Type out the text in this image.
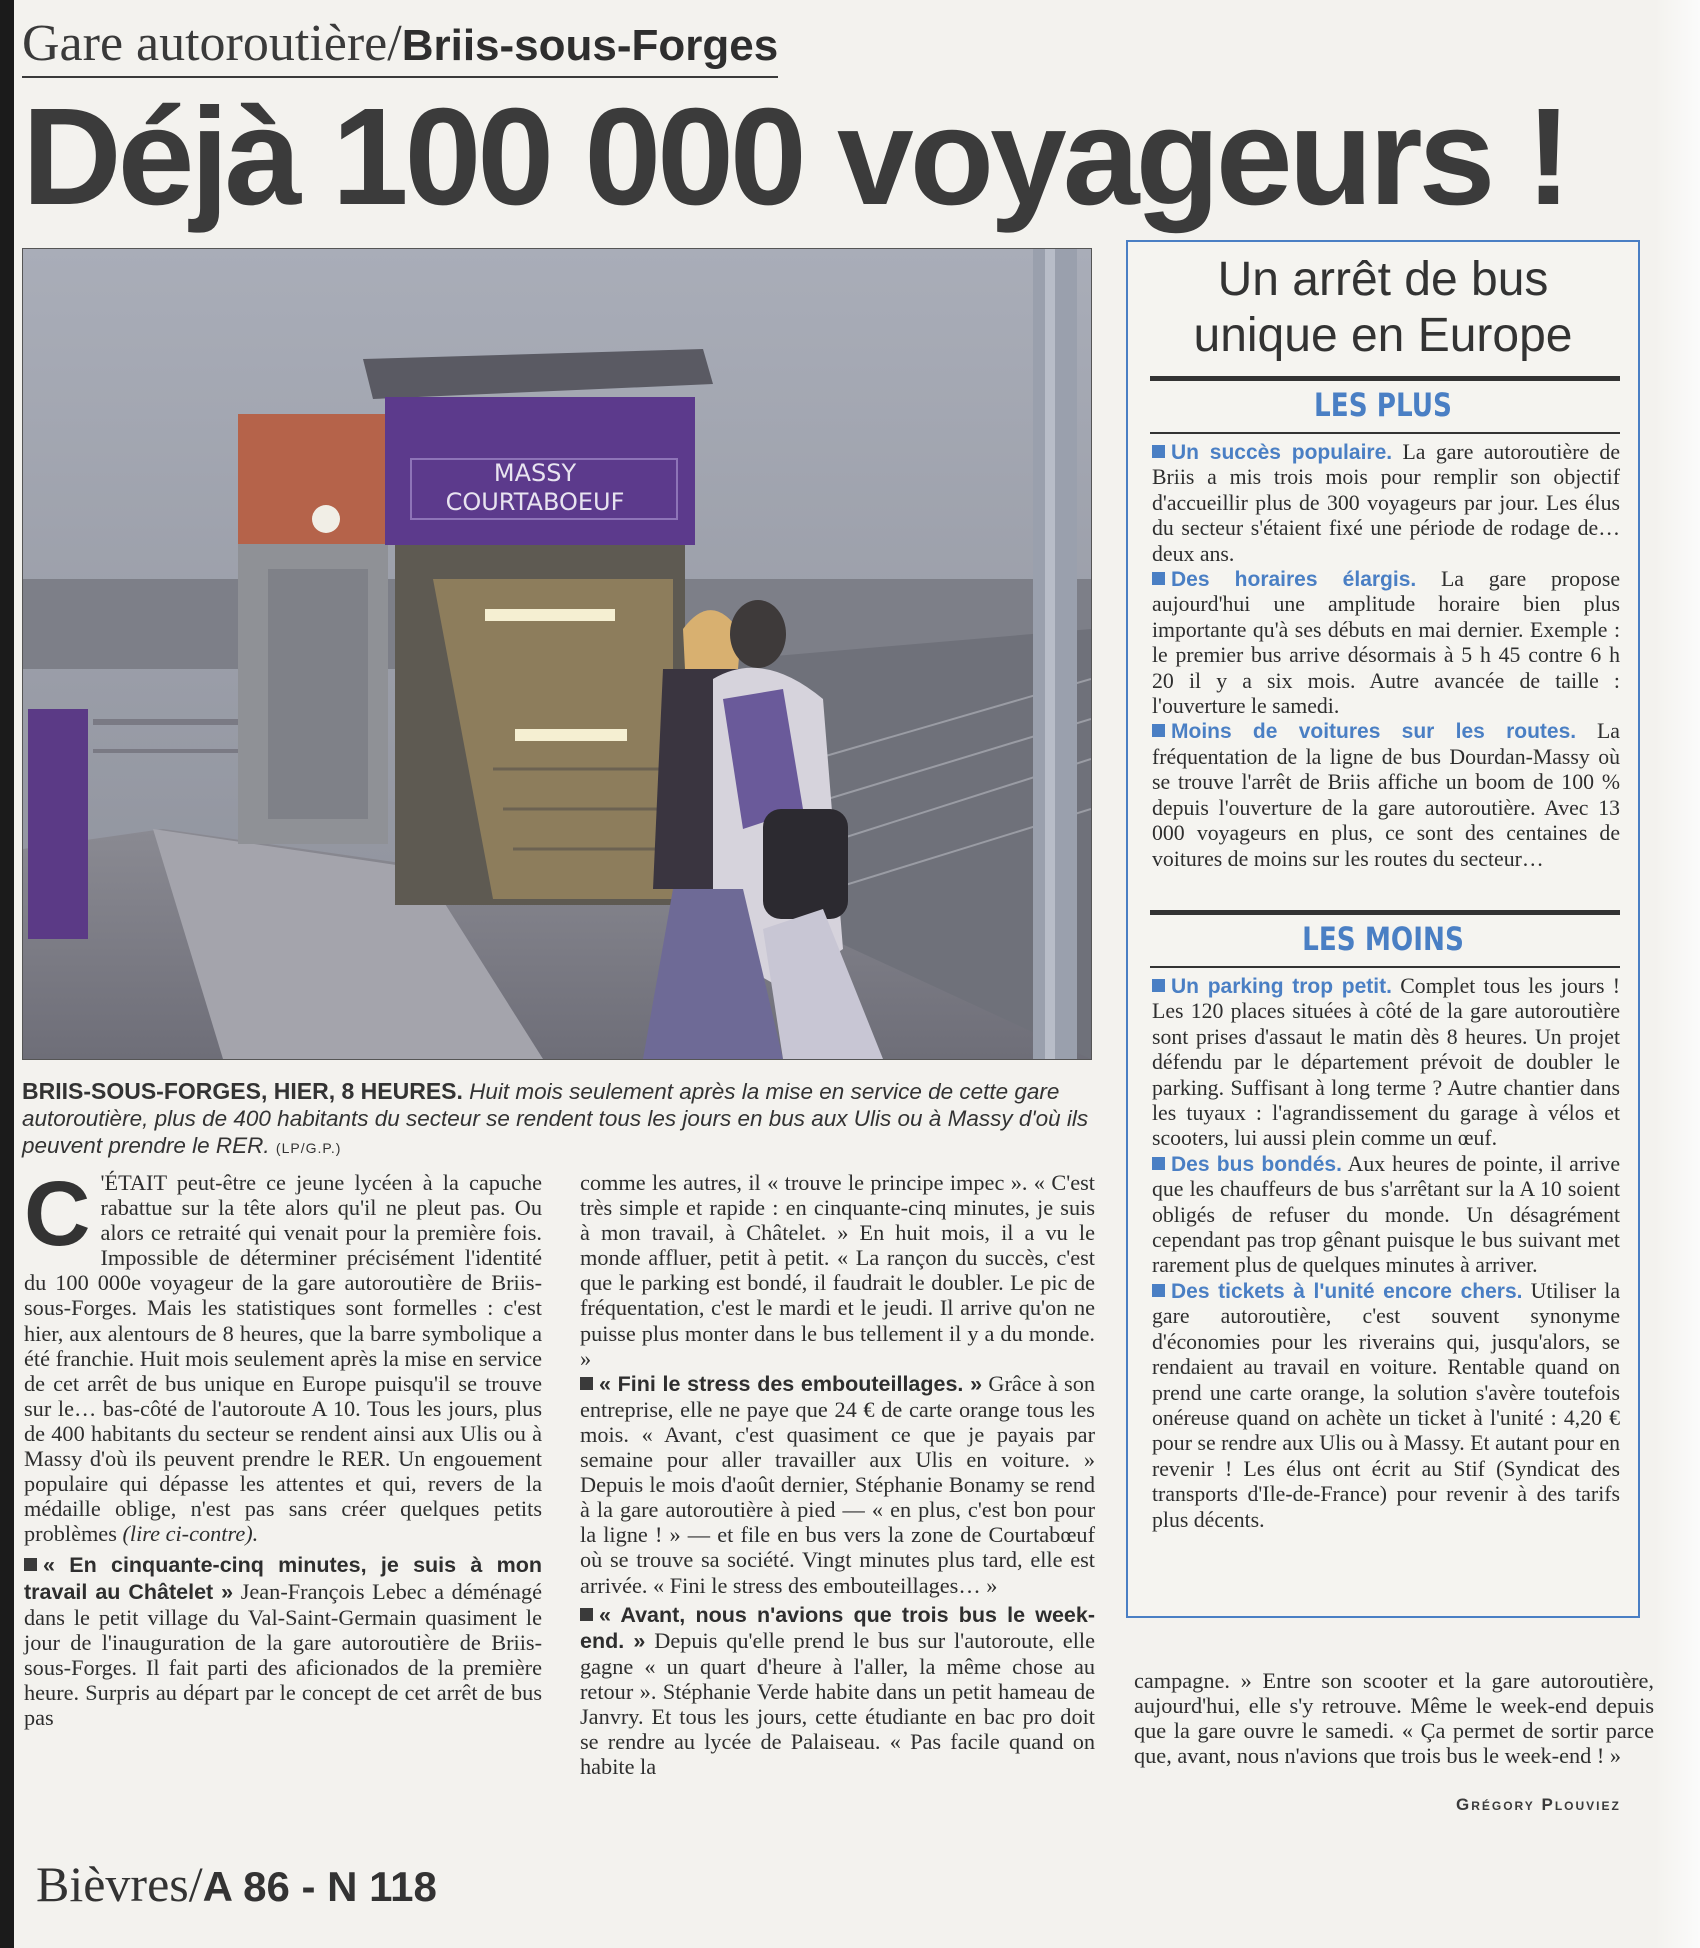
Gare autoroutière/Briis-sous-Forges
Déjà 100 000 voyageurs !
MASSY
COURTABOEUF
BRIIS-SOUS-FORGES, HIER, 8 HEURES. Huit mois seulement après la mise en service de cette gare autoroutière, plus de 400 habitants du secteur se rendent tous les jours en bus aux Ulis ou à Massy d'où ils peuvent prendre le RER. (LP/G.P.)

C 'ÉTAIT peut-être ce jeune lycéen à la capuche rabattue sur la tête alors qu'il ne pleut pas. Ou alors ce retraité qui venait pour la première fois. Impossible de déterminer précisément l'identité du 100 000e voyageur de la gare autoroutière de Briis-sous-Forges. Mais les statistiques sont formelles : c'est hier, aux alentours de 8 heures, que la barre symbolique a été franchie. Huit mois seulement après la mise en service de cet arrêt de bus unique en Europe puisqu'il se trouve sur le… bas-côté de l'autoroute A 10. Tous les jours, plus de 400 habitants du secteur se rendent ainsi aux Ulis ou à Massy d'où ils peuvent prendre le RER. Un engouement populaire qui dépasse les attentes et qui, revers de la médaille oblige, n'est pas sans créer quelques petits problèmes (lire ci-contre).

« En cinquante-cinq minutes, je suis à mon travail au Châtelet » Jean-François Lebec a déménagé dans le petit village du Val-Saint-Germain quasiment le jour de l'inauguration de la gare autoroutière de Briis-sous-Forges. Il fait parti des aficionados de la première heure. Surpris au départ par le concept de cet arrêt de bus pas

comme les autres, il « trouve le principe impec ». « C'est très simple et rapide : en cinquante-cinq minutes, je suis à mon travail, à Châtelet. » En huit mois, il a vu le monde affluer, petit à petit. « La rançon du succès, c'est que le parking est bondé, il faudrait le doubler. Le pic de fréquentation, c'est le mardi et le jeudi. Il arrive qu'on ne puisse plus monter dans le bus tellement il y a du monde. »

« Fini le stress des embouteillages. » Grâce à son entreprise, elle ne paye que 24 € de carte orange tous les mois. « Avant, c'est quasiment ce que je payais par semaine pour aller travailler aux Ulis en voiture. » Depuis le mois d'août dernier, Stéphanie Bonamy se rend à la gare autoroutière à pied — « en plus, c'est bon pour la ligne ! » — et file en bus vers la zone de Courtabœuf où se trouve sa société. Vingt minutes plus tard, elle est arrivée. « Fini le stress des embouteillages… »

« Avant, nous n'avions que trois bus le week-end. » Depuis qu'elle prend le bus sur l'autoroute, elle gagne « un quart d'heure à l'aller, la même chose au retour ». Stéphanie Verde habite dans un petit hameau de Janvry. Et tous les jours, cette étudiante en bac pro doit se rendre au lycée de Palaiseau. « Pas facile quand on habite la

campagne. » Entre son scooter et la gare autoroutière, aujourd'hui, elle s'y retrouve. Même le week-end depuis que la gare ouvre le samedi. « Ça permet de sortir parce que, avant, nous n'avions que trois bus le week-end ! »

Grégory Plouviez
Un arrêt de bus
unique en Europe
LES PLUS

Un succès populaire. La gare autoroutière de Briis a mis trois mois pour remplir son objectif d'accueillir plus de 300 voyageurs par jour. Les élus du secteur s'étaient fixé une période de rodage de… deux ans.

Des horaires élargis. La gare propose aujourd'hui une amplitude horaire bien plus importante qu'à ses débuts en mai dernier. Exemple : le premier bus arrive désormais à 5 h 45 contre 6 h 20 il y a six mois. Autre avancée de taille : l'ouverture le samedi.

Moins de voitures sur les routes. La fréquentation de la ligne de bus Dourdan-Massy où se trouve l'arrêt de Briis affiche un boom de 100 % depuis l'ouverture de la gare autoroutière. Avec 13 000 voyageurs en plus, ce sont des centaines de voitures de moins sur les routes du secteur…

LES MOINS

Un parking trop petit. Complet tous les jours ! Les 120 places situées à côté de la gare autoroutière sont prises d'assaut le matin dès 8 heures. Un projet défendu par le département prévoit de doubler le parking. Suffisant à long terme ? Autre chantier dans les tuyaux : l'agrandissement du garage à vélos et scooters, lui aussi plein comme un œuf.

Des bus bondés. Aux heures de pointe, il arrive que les chauffeurs de bus s'arrêtant sur la A 10 soient obligés de refuser du monde. Un désagrément cependant pas trop gênant puisque le bus suivant met rarement plus de quelques minutes à arriver.

Des tickets à l'unité encore chers. Utiliser la gare autoroutière, c'est souvent synonyme d'économies pour les riverains qui, jusqu'alors, se rendaient au travail en voiture. Rentable quand on prend une carte orange, la solution s'avère toutefois onéreuse quand on achète un ticket à l'unité : 4,20 € pour se rendre aux Ulis ou à Massy. Et autant pour en revenir ! Les élus ont écrit au Stif (Syndicat des transports d'Ile-de-France) pour revenir à des tarifs plus décents.

Bièvres/A 86 - N 118
